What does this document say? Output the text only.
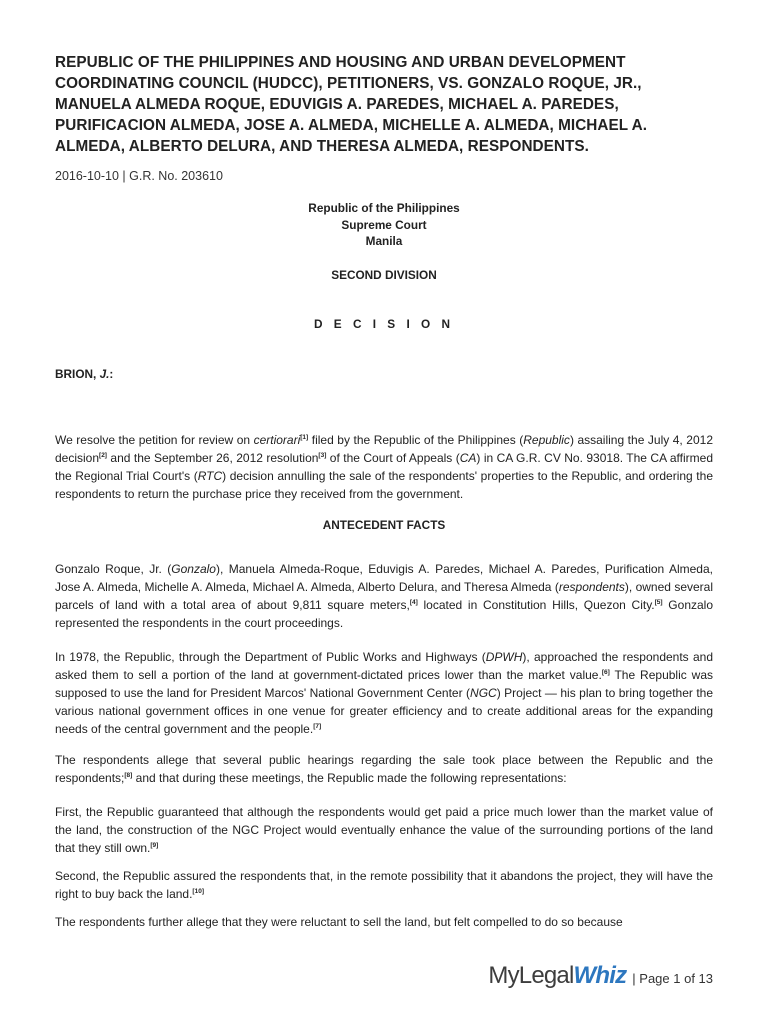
REPUBLIC OF THE PHILIPPINES AND HOUSING AND URBAN DEVELOPMENT COORDINATING COUNCIL (HUDCC), PETITIONERS, VS. GONZALO ROQUE, JR., MANUELA ALMEDA ROQUE, EDUVIGIS A. PAREDES, MICHAEL A. PAREDES, PURIFICACION ALMEDA, JOSE A. ALMEDA, MICHELLE A. ALMEDA, MICHAEL A. ALMEDA, ALBERTO DELURA, AND THERESA ALMEDA, RESPONDENTS.
2016-10-10 | G.R. No. 203610
Republic of the Philippines
Supreme Court
Manila
SECOND DIVISION
D E C I S I O N
BRION, J.:

We resolve the petition for review on certiorari[1] filed by the Republic of the Philippines (Republic) assailing the July 4, 2012 decision[2] and the September 26, 2012 resolution[3] of the Court of Appeals (CA) in CA G.R. CV No. 93018. The CA affirmed the Regional Trial Court's (RTC) decision annulling the sale of the respondents' properties to the Republic, and ordering the respondents to return the purchase price they received from the government.

ANTECEDENT FACTS

Gonzalo Roque, Jr. (Gonzalo), Manuela Almeda-Roque, Eduvigis A. Paredes, Michael A. Paredes, Purification Almeda, Jose A. Almeda, Michelle A. Almeda, Michael A. Almeda, Alberto Delura, and Theresa Almeda (respondents), owned several parcels of land with a total area of about 9,811 square meters,[4] located in Constitution Hills, Quezon City.[5] Gonzalo represented the respondents in the court proceedings.

In 1978, the Republic, through the Department of Public Works and Highways (DPWH), approached the respondents and asked them to sell a portion of the land at government-dictated prices lower than the market value.[6] The Republic was supposed to use the land for President Marcos' National Government Center (NGC) Project — his plan to bring together the various national government offices in one venue for greater efficiency and to create additional areas for the expanding needs of the central government and the people.[7]

The respondents allege that several public hearings regarding the sale took place between the Republic and the respondents;[8] and that during these meetings, the Republic made the following representations:

First, the Republic guaranteed that although the respondents would get paid a price much lower than the market value of the land, the construction of the NGC Project would eventually enhance the value of the surrounding portions of the land that they still own.[9]

Second, the Republic assured the respondents that, in the remote possibility that it abandons the project, they will have the right to buy back the land.[10]

The respondents further allege that they were reluctant to sell the land, but felt compelled to do so because

MyLegal Whiz | Page 1 of 13
